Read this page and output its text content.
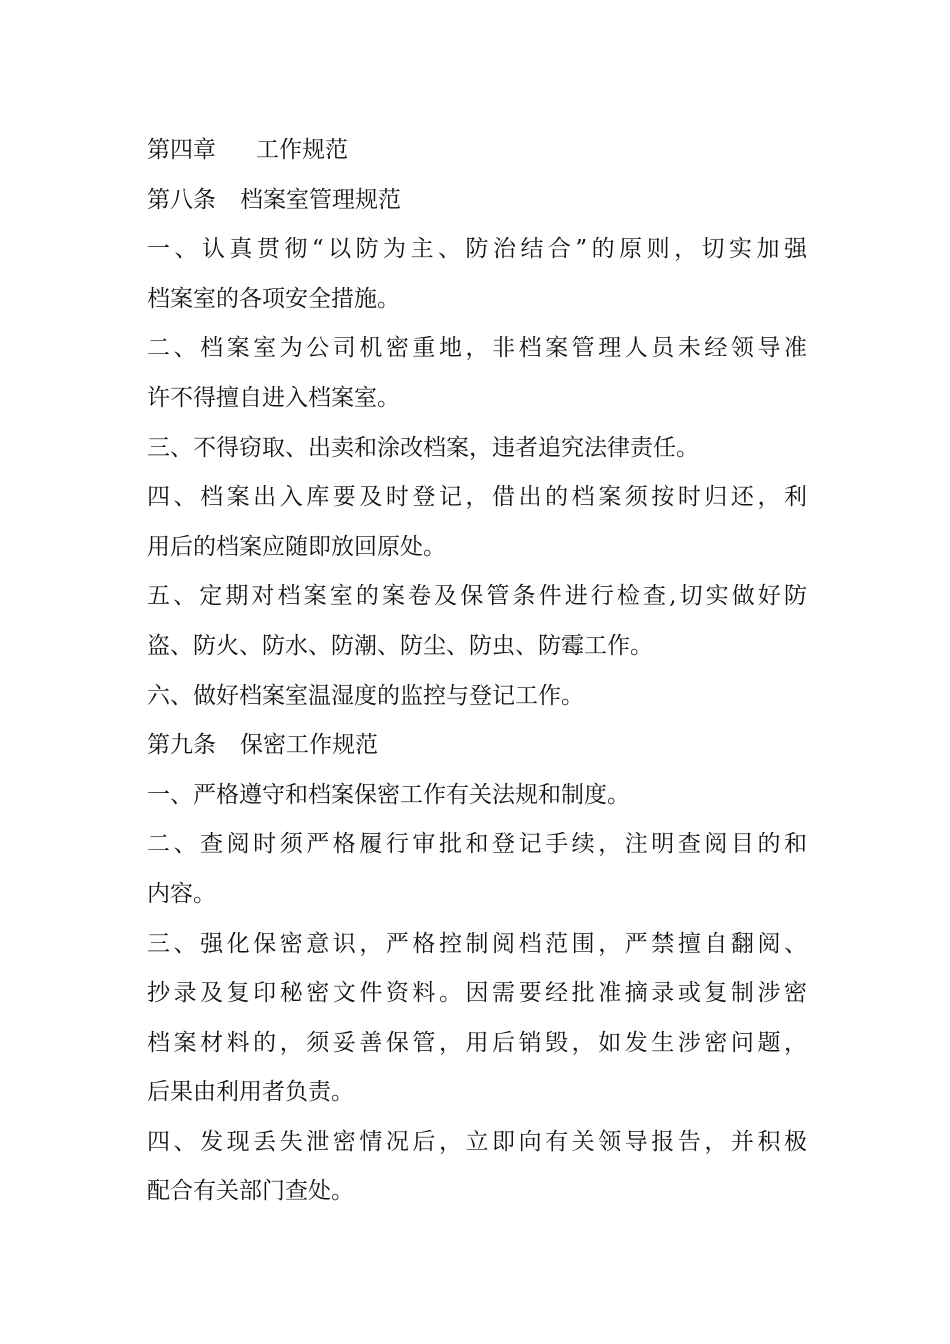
第四章 工作规范
第八条 档案室管理规范
一、认真贯彻“以防为主、防治结合”的原则，切实加强
档案室的各项安全措施。
二、档案室为公司机密重地，非档案管理人员未经领导准
许不得擅自进入档案室。
三、不得窃取、出卖和涂改档案，违者追究法律责任。
四、档案出入库要及时登记，借出的档案须按时归还，利
用后的档案应随即放回原处。
五、定期对档案室的案卷及保管条件进行检查,切实做好防
盗、防火、防水、防潮、防尘、防虫、防霉工作。
六、做好档案室温湿度的监控与登记工作。
第九条 保密工作规范
一、严格遵守和档案保密工作有关法规和制度。
二、查阅时须严格履行审批和登记手续，注明查阅目的和
内容。
三、强化保密意识，严格控制阅档范围，严禁擅自翻阅、
抄录及复印秘密文件资料。因需要经批准摘录或复制涉密
档案材料的，须妥善保管，用后销毁，如发生涉密问题，
后果由利用者负责。
四、发现丢失泄密情况后，立即向有关领导报告，并积极
配合有关部门查处。
